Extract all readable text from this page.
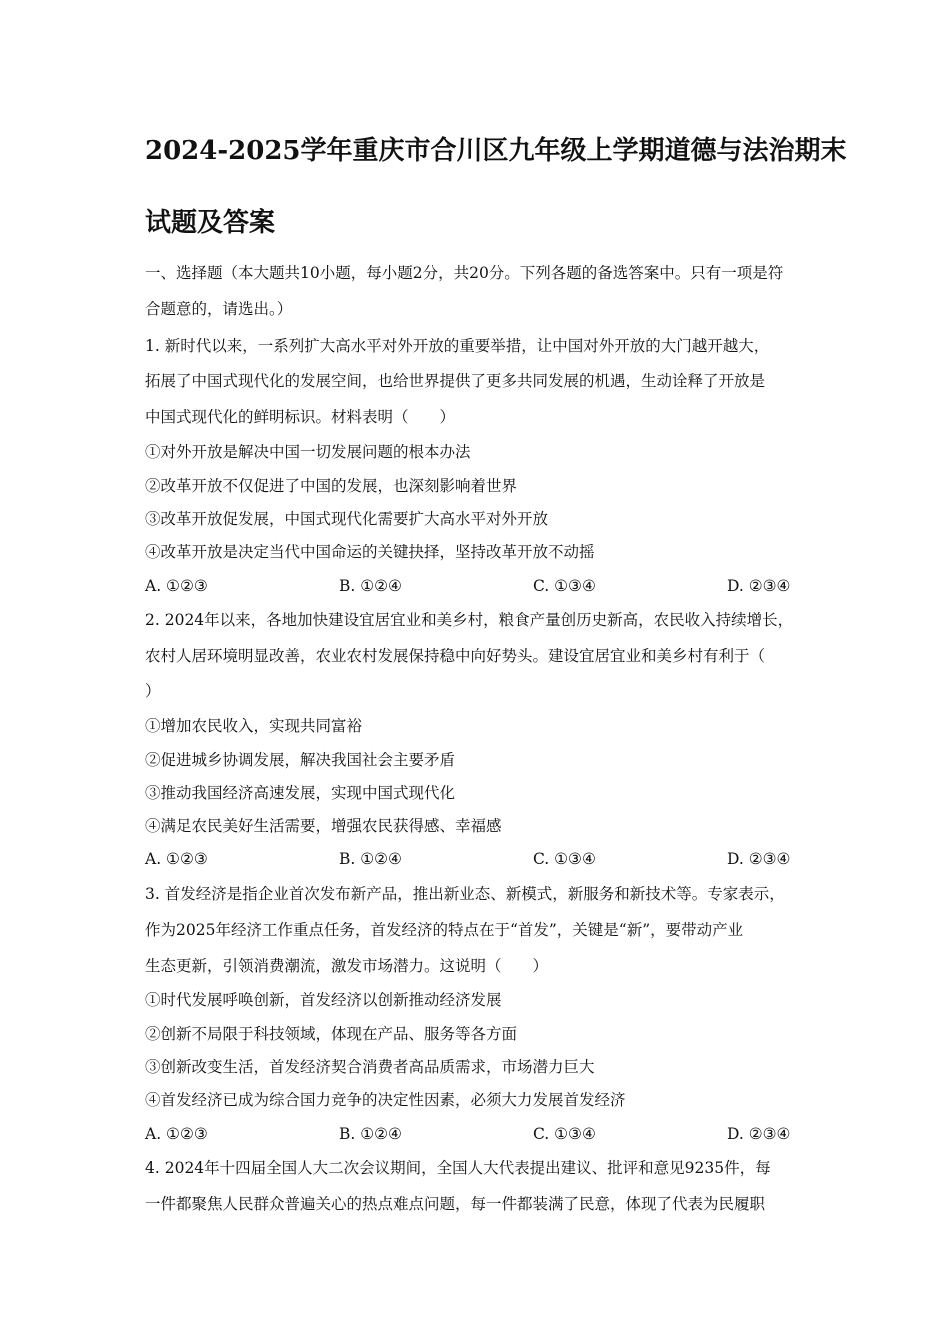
2024-2025学年重庆市合川区九年级上学期道德与法治期末
试题及答案
一、选择题（本大题共10小题，每小题2分，共20分。下列各题的备选答案中。只有一项是符
合题意的，请选出。）
1. 新时代以来，一系列扩大高水平对外开放的重要举措，让中国对外开放的大门越开越大，
拓展了中国式现代化的发展空间，也给世界提供了更多共同发展的机遇，生动诠释了开放是
中国式现代化的鲜明标识。材料表明（　　）
①对外开放是解决中国一切发展问题的根本办法
②改革开放不仅促进了中国的发展，也深刻影响着世界
③改革开放促发展，中国式现代化需要扩大高水平对外开放
④改革开放是决定当代中国命运的关键抉择，坚持改革开放不动摇
A. ①②③	B. ①②④	C. ①③④	D. ②③④
2. 2024年以来，各地加快建设宜居宜业和美乡村，粮食产量创历史新高，农民收入持续增长，
农村人居环境明显改善，农业农村发展保持稳中向好势头。建设宜居宜业和美乡村有利于（
）
①增加农民收入，实现共同富裕
②促进城乡协调发展，解决我国社会主要矛盾
③推动我国经济高速发展，实现中国式现代化
④满足农民美好生活需要，增强农民获得感、幸福感
A. ①②③	B. ①②④	C. ①③④	D. ②③④
3. 首发经济是指企业首次发布新产品，推出新业态、新模式，新服务和新技术等。专家表示，
作为2025年经济工作重点任务，首发经济的特点在于“首发”，关键是“新”，要带动产业
生态更新，引领消费潮流，激发市场潜力。这说明（　　）
①时代发展呼唤创新，首发经济以创新推动经济发展
②创新不局限于科技领域，体现在产品、服务等各方面
③创新改变生活，首发经济契合消费者高品质需求，市场潜力巨大
④首发经济已成为综合国力竞争的决定性因素，必须大力发展首发经济
A. ①②③	B. ①②④	C. ①③④	D. ②③④
4. 2024年十四届全国人大二次会议期间，全国人大代表提出建议、批评和意见9235件，每
一件都聚焦人民群众普遍关心的热点难点问题，每一件都装满了民意，体现了代表为民履职
